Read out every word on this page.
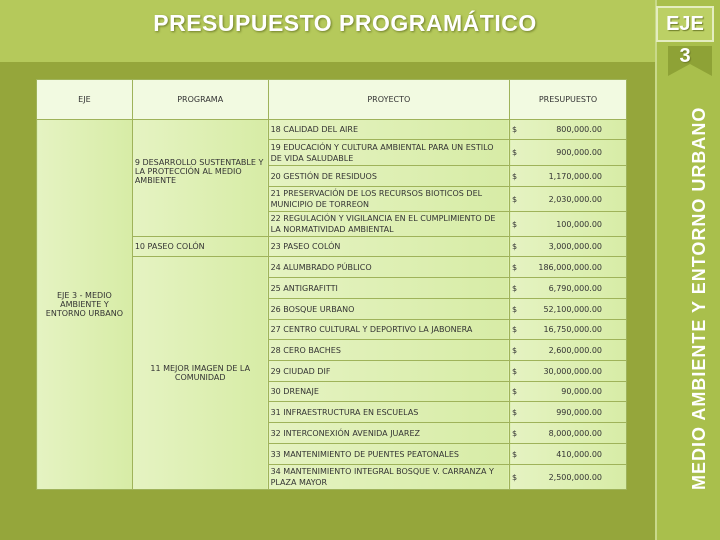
PRESUPUESTO PROGRAMÁTICO
MEDIO AMBIENTE Y ENTORNO URBANO
EJE	PROGRAMA	PROYECTO	PRESUPUESTO
EJE 3 - MEDIO AMBIENTE Y ENTORNO URBANO	9 DESARROLLO SUSTENTABLE Y LA PROTECCIÓN AL MEDIO AMBIENTE	18 CALIDAD DEL AIRE	$ 800,000.00

		19 EDUCACIÓN Y CULTURA AMBIENTAL PARA UN ESTILO DE VIDA SALUDABLE	$ 900,000.00

		20 GESTIÓN DE RESIDUOS	$ 1,170,000.00

		21 PRESERVACIÓN DE LOS RECURSOS BIOTICOS DEL MUNICIPIO DE TORREON	$ 2,030,000.00

		22 REGULACIÓN Y VIGILANCIA EN EL CUMPLIMIENTO DE LA NORMATIVIDAD AMBIENTAL	$ 100,000.00

	10 PASEO COLÓN	23 PASEO COLÓN	$ 3,000,000.00

	11 MEJOR IMAGEN DE LA COMUNIDAD	24 ALUMBRADO PÚBLICO	$ 186,000,000.00

		25 ANTIGRAFITTI	$ 6,790,000.00

		26 BOSQUE URBANO	$ 52,100,000.00

		27 CENTRO CULTURAL Y DEPORTIVO LA JABONERA	$ 16,750,000.00

		28 CERO BACHES	$ 2,600,000.00

		29 CIUDAD DIF	$ 30,000,000.00

		30 DRENAJE	$ 90,000.00

		31 INFRAESTRUCTURA EN ESCUELAS	$ 990,000.00

		32 INTERCONEXIÓN AVENIDA JUAREZ	$ 8,000,000.00

		33 MANTENIMIENTO DE PUENTES PEATONALES	$ 410,000.00

		34 MANTENIMIENTO INTEGRAL BOSQUE V. CARRANZA Y PLAZA MAYOR	$ 2,500,000.00
EJE 3
